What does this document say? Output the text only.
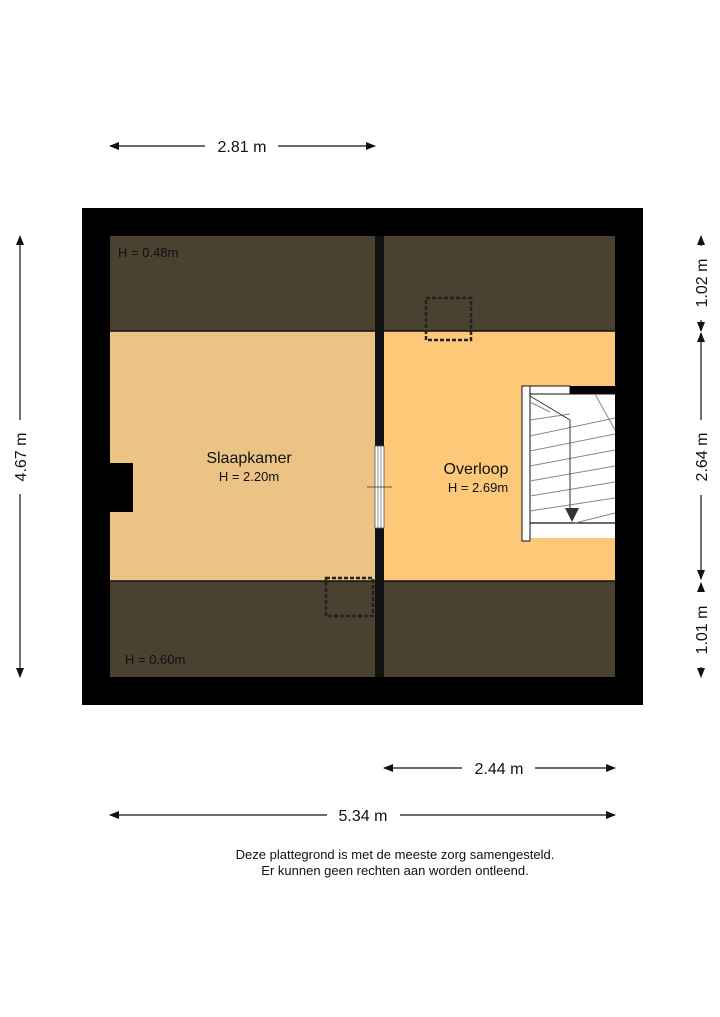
H = 0.48m
H = 0.60m
Slaapkamer
H = 2.20m	Overloop
H = 2.69m
2.81 m
2.44 m
5.34 m
4.67 m
1.02 m
2.64 m
1.01 m
Deze plattegrond is met de meeste zorg samengesteld.
Er kunnen geen rechten aan worden ontleend.
